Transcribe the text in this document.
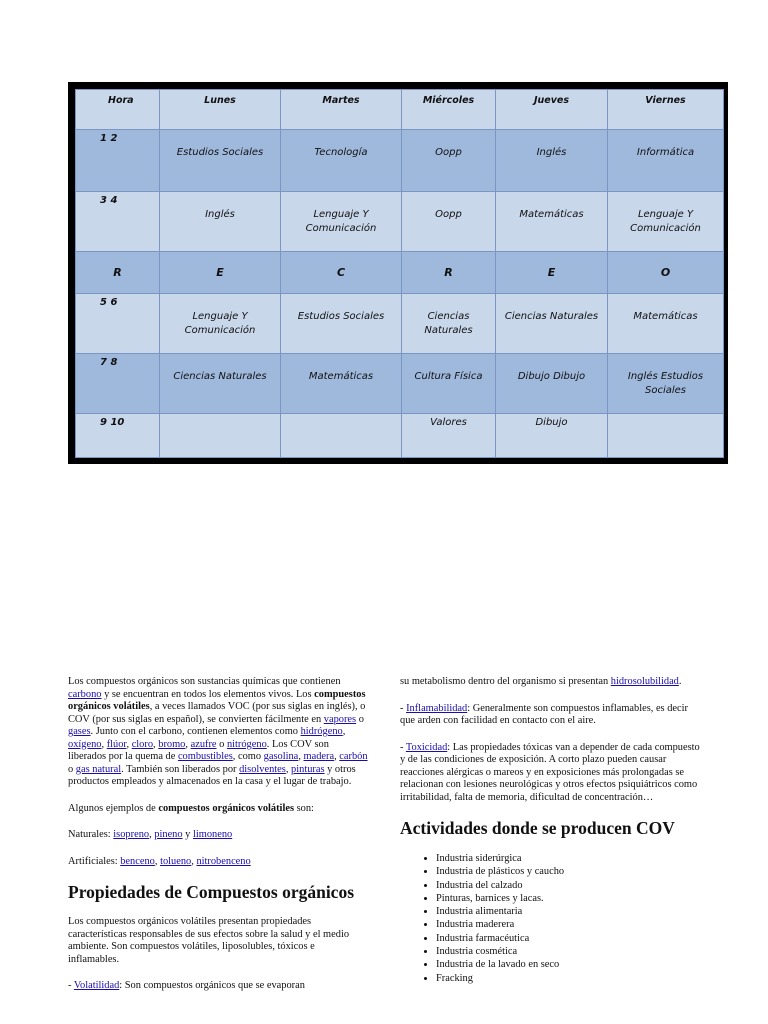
Hora	Lunes	Martes	Miércoles	Jueves	Viernes
1 2	Estudios Sociales	Tecnología	Oopp	Inglés	Informática

3 4	Inglés	Lenguaje Y Comunicación	Oopp	Matemáticas	Lenguaje Y Comunicación

R	E	C	R	E	O
5 6	Lenguaje Y Comunicación	Estudios Sociales	Ciencias Naturales	Ciencias Naturales	Matemáticas

7 8	Ciencias Naturales	Matemáticas	Cultura Física	Dibujo Dibujo	Inglés Estudios Sociales

9 10			Valores	Dibujo	

Los compuestos orgánicos son sustancias químicas que contienen carbono y se encuentran en todos los elementos vivos. Los compuestos orgánicos volátiles, a veces llamados VOC (por sus siglas en inglés), o COV (por sus siglas en español), se convierten fácilmente en vapores o gases. Junto con el carbono, contienen elementos como hidrógeno, oxígeno, flúor, cloro, bromo, azufre o nitrógeno. Los COV son liberados por la quema de combustibles, como gasolina, madera, carbón o gas natural. También son liberados por disolventes, pinturas y otros productos empleados y almacenados en la casa y el lugar de trabajo.

Algunos ejemplos de compuestos orgánicos volátiles son:

Naturales: isopreno, pineno y limoneno

Artificiales: benceno, tolueno, nitrobenceno

Propiedades de Compuestos orgánicos

Los compuestos orgánicos volátiles presentan propiedades características responsables de sus efectos sobre la salud y el medio ambiente. Son compuestos volátiles, liposolubles, tóxicos e inflamables.

- Volatilidad: Son compuestos orgánicos que se evaporan

su metabolismo dentro del organismo si presentan hidrosolubilidad.

- Inflamabilidad: Generalmente son compuestos inflamables, es decir que arden con facilidad en contacto con el aire.

- Toxicidad: Las propiedades tóxicas van a depender de cada compuesto y de las condiciones de exposición. A corto plazo pueden causar reacciones alérgicas o mareos y en exposiciones más prolongadas se relacionan con lesiones neurológicas y otros efectos psiquiátricos como irritabilidad, falta de memoria, dificultad de concentración…

Actividades donde se producen COV
• Industria siderúrgica
• Industria de plásticos y caucho
• Industria del calzado
• Pinturas, barnices y lacas.
• Industria alimentaria
• Industria maderera
• Industria farmacéutica
• Industria cosmética
• Industria de la lavado en seco
• Fracking
